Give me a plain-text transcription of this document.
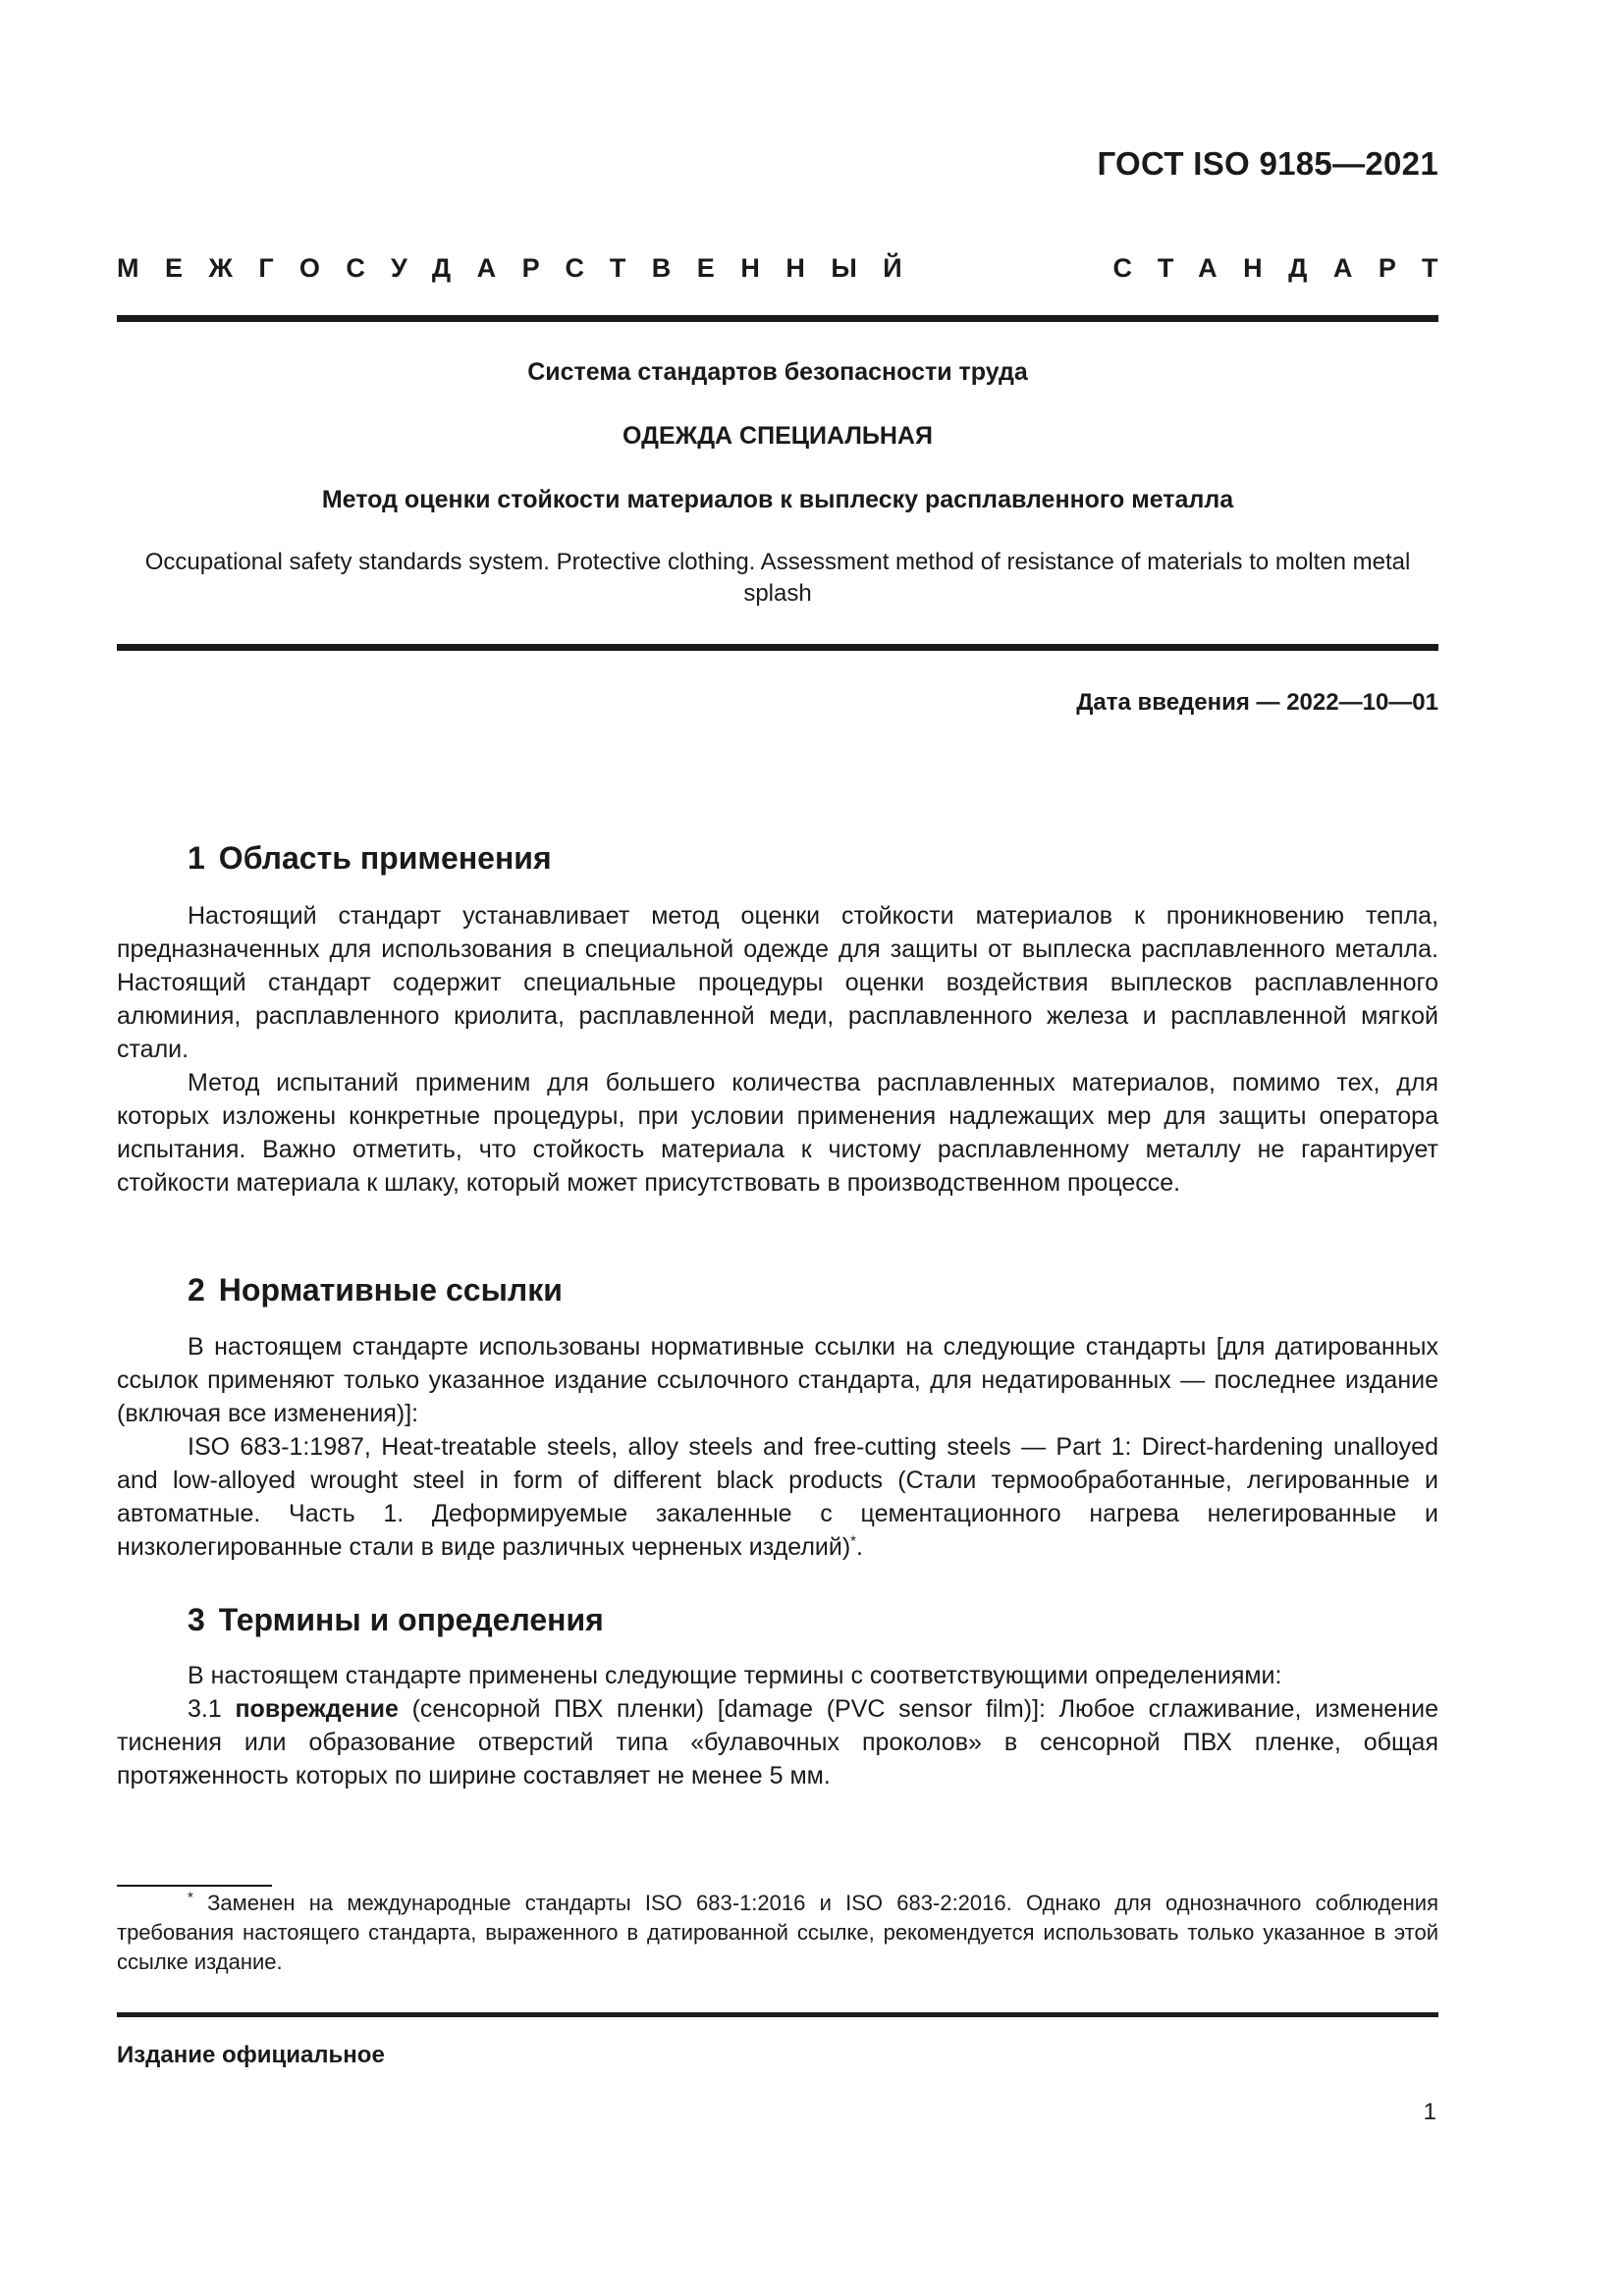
ГОСТ ISO 9185—2021
МЕЖГОСУДАРСТВЕННЫЙ	СТАНДАРТ
Система стандартов безопасности труда
ОДЕЖДА СПЕЦИАЛЬНАЯ
Метод оценки стойкости материалов к выплеску расплавленного металла
Occupational safety standards system. Protective clothing. Assessment method of resistance of materials to molten metal splash
Дата введения — 2022—10—01
1 Область применения

Настоящий стандарт устанавливает метод оценки стойкости материалов к проникновению тепла, предназначенных для использования в специальной одежде для защиты от выплеска расплавленного металла. Настоящий стандарт содержит специальные процедуры оценки воздействия выплесков расплавленного алюминия, расплавленного криолита, расплавленной меди, расплавленного железа и расплавленной мягкой стали.

Метод испытаний применим для большего количества расплавленных материалов, помимо тех, для которых изложены конкретные процедуры, при условии применения надлежащих мер для защиты оператора испытания. Важно отметить, что стойкость материала к чистому расплавленному металлу не гарантирует стойкости материала к шлаку, который может присутствовать в производственном процессе.

2 Нормативные ссылки

В настоящем стандарте использованы нормативные ссылки на следующие стандарты [для датированных ссылок применяют только указанное издание ссылочного стандарта, для недатированных — последнее издание (включая все изменения)]:

ISO 683-1:1987, Heat-treatable steels, alloy steels and free-cutting steels — Part 1: Direct-hardening unalloyed and low-alloyed wrought steel in form of different black products (Стали термообработанные, легированные и автоматные. Часть 1. Деформируемые закаленные с цементационного нагрева нелегированные и низколегированные стали в виде различных черненых изделий)*.

3 Термины и определения

В настоящем стандарте применены следующие термины с соответствующими определениями:

3.1 повреждение (сенсорной ПВХ пленки) [damage (PVC sensor film)]: Любое сглаживание, изменение тиснения или образование отверстий типа «булавочных проколов» в сенсорной ПВХ пленке, общая протяженность которых по ширине составляет не менее 5 мм.

* Заменен на международные стандарты ISO 683-1:2016 и ISO 683-2:2016. Однако для однозначного соблюдения требования настоящего стандарта, выраженного в датированной ссылке, рекомендуется использовать только указанное в этой ссылке издание.

Издание официальное
1
